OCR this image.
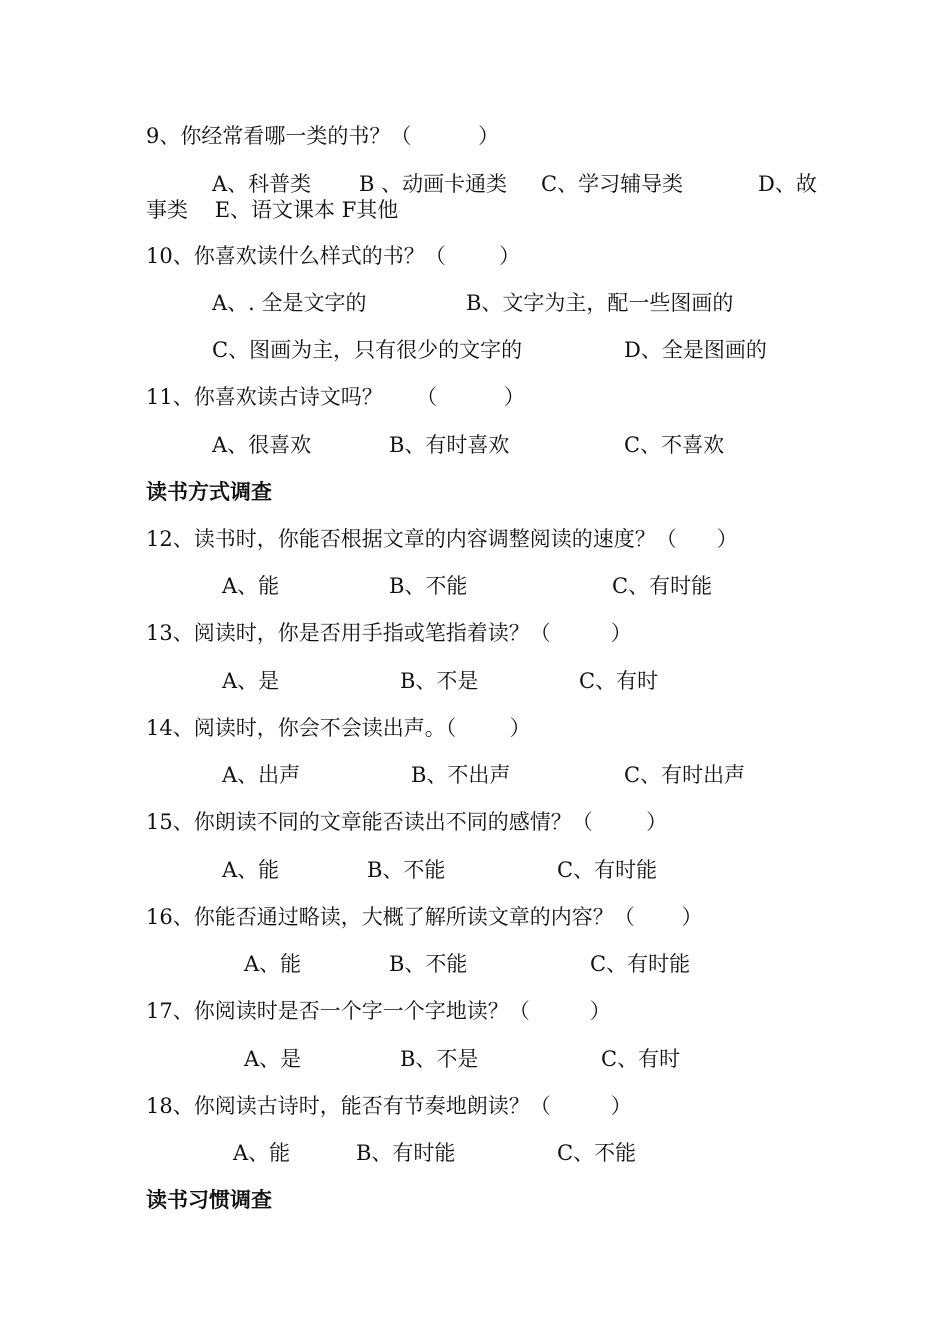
9、你经常看哪一类的书？（          ）
A、科普类 B 、动画卡通类 C、学习辅导类	D、故
事类    E、语文课本 F其他
10、你喜欢读什么样式的书？（        ）
A、. 全是文字的	B、文字为主，配一些图画的
C、图画为主，只有很少的文字的	D、全是图画的
11、你喜欢读古诗文吗？     （          ）
A、很喜欢	B、有时喜欢	C、不喜欢
读书方式调查
12、读书时，你能否根据文章的内容调整阅读的速度？（      ）
A、能	B、不能	C、有时能
13、阅读时，你是否用手指或笔指着读？（         ）
A、是	B、不是	C、有时
14、阅读时，你会不会读出声。（        ）
A、出声	B、不出声	C、有时出声
15、你朗读不同的文章能否读出不同的感情？（        ）
A、能	B、不能	C、有时能
16、你能否通过略读，大概了解所读文章的内容？（       ）
A、能	B、不能	C、有时能
17、你阅读时是否一个字一个字地读？（         ）
A、是	B、不是	C、有时
18、你阅读古诗时，能否有节奏地朗读？（         ）
A、能	B、有时能	C、不能
读书习惯调查
